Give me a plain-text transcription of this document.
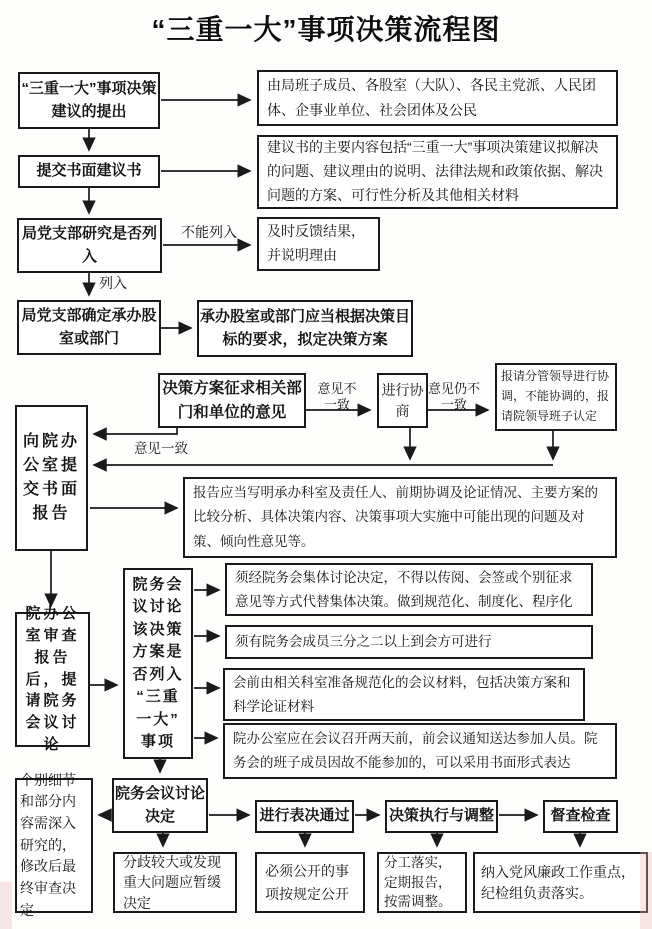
“三重一大”事项决策流程图
“三重一大”事项决策建议的提出
提交书面建议书
局党支部研究是否列入
局党支部确定承办股室或部门
向院办公室提交书面报告
院办公室审查报告后，提请院务会议讨论
个别细节和部分内容需深入研究的，修改后最终审查决定
由局班子成员、各股室（大队）、各民主党派、人民团体、企事业单位、社会团体及公民
建议书的主要内容包括“三重一大”事项决策建议拟解决的问题、建议理由的说明、法律法规和政策依据、解决问题的方案、可行性分析及其他相关材料
及时反馈结果，并说明理由
承办股室或部门应当根据决策目标的要求，拟定决策方案
决策方案征求相关部门和单位的意见
进行协商
报请分管领导进行协调，不能协调的，报请院领导班子认定
报告应当写明承办科室及责任人、前期协调及论证情况、主要方案的比较分析、具体决策内容、决策事项大实施中可能出现的问题及对策、倾向性意见等。
院务会议讨论该决策方案是否列入“三重一大”事项
须经院务会集体讨论决定，不得以传阅、会签或个别征求意见等方式代替集体决策。做到规范化、制度化、程序化
须有院务会成员三分之二以上到会方可进行
会前由相关科室准备规范化的会议材料，包括决策方案和科学论证材料
院办公室应在会议召开两天前，前会议通知送达参加人员。院务会的班子成员因故不能参加的，可以采用书面形式表达
院务会议讨论决定
分歧较大或发现重大问题应暂缓决定
进行表决通过
必须公开的事项按规定公开
决策执行与调整
分工落实，定期报告，按需调整。
督查检查
纳入党风廉政工作重点，纪检组负责落实。
不能列入
列入
意见不一致
意见仍不一致
意见一致
